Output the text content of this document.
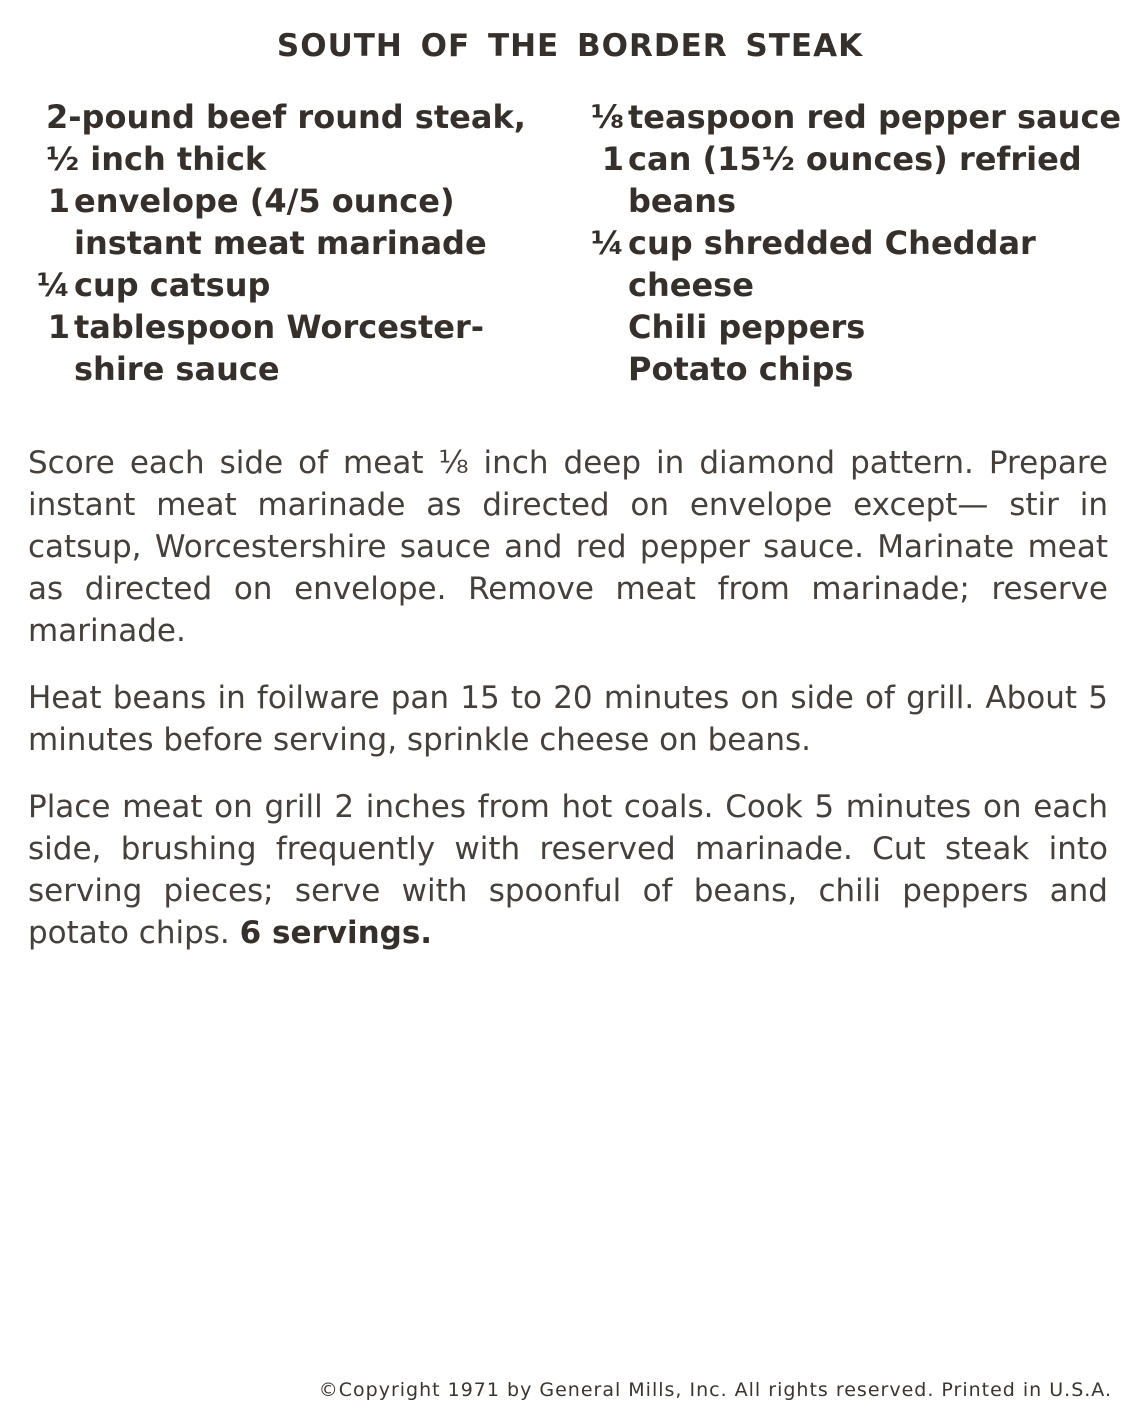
SOUTH OF THE BORDER STEAK
2-pound beef round steak,
½ inch thick
1 envelope (4/5 ounce)
instant meat marinade
¼ cup catsup
1 tablespoon Worcester-
shire sauce
⅛ teaspoon red pepper sauce
1 can (15½ ounces) refried
beans
¼ cup shredded Cheddar
cheese
Chili peppers
Potato chips

Score each side of meat ⅛ inch deep in diamond pattern. Prepare instant meat marinade as directed on envelope except— stir in catsup, Worcestershire sauce and red pepper sauce. Marinate meat as directed on envelope. Remove meat from marinade; reserve marinade.

Heat beans in foilware pan 15 to 20 minutes on side of grill. About 5 minutes before serving, sprinkle cheese on beans.

Place meat on grill 2 inches from hot coals. Cook 5 minutes on each side, brushing frequently with reserved marinade. Cut steak into serving pieces; serve with spoonful of beans, chili peppers and potato chips. 6 servings.

©Copyright 1971 by General Mills, Inc. All rights reserved. Printed in U.S.A.
